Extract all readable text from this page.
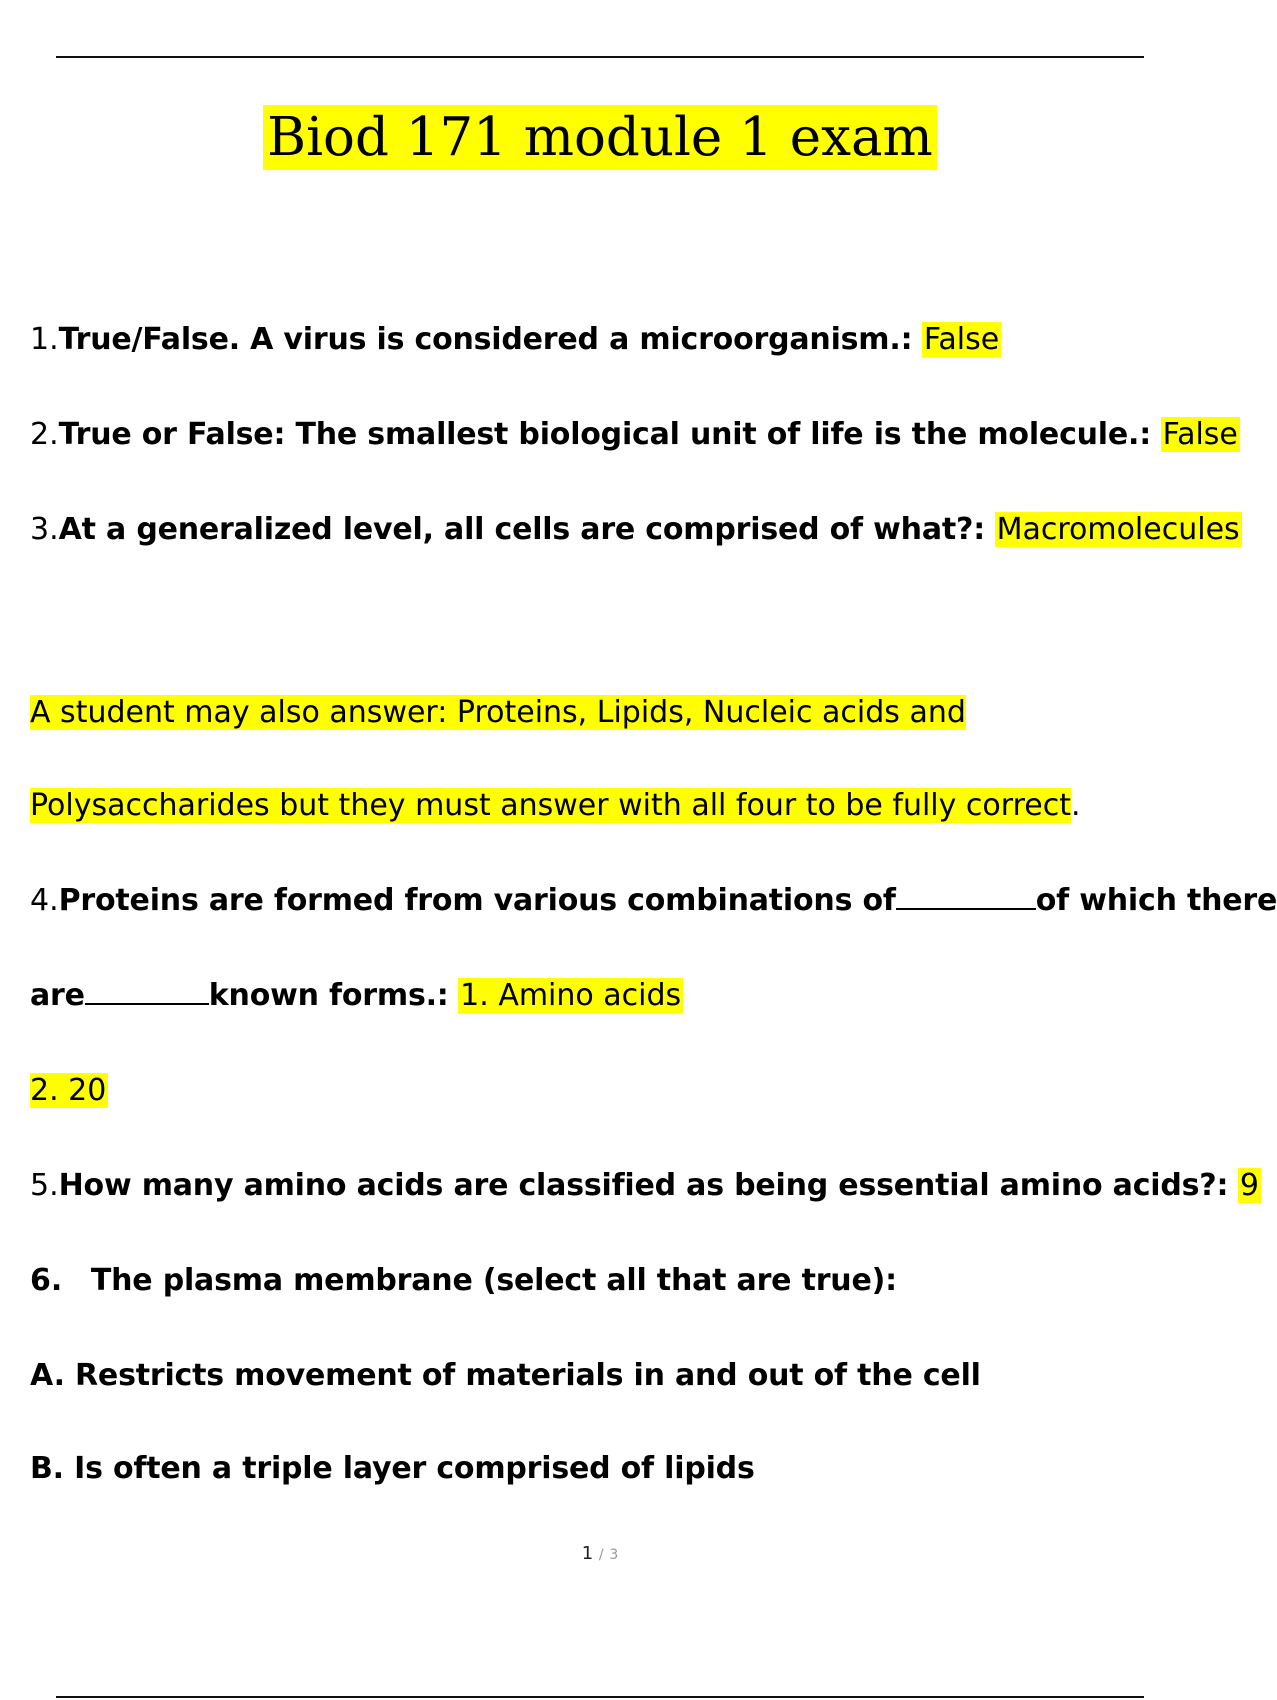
Biod 171 module 1 exam
1.True/False. A virus is considered a microorganism.: False
2.True or False: The smallest biological unit of life is the molecule.: False
3.At a generalized level, all cells are comprised of what?: Macromolecules
A student may also answer: Proteins, Lipids, Nucleic acids and
Polysaccharides but they must answer with all four to be fully correct.
4.Proteins are formed from various combinations of	of which there
are	known forms.: 1. Amino acids
2. 20
5.How many amino acids are classified as being essential amino acids?: 9
6. The plasma membrane (select all that are true):
A. Restricts movement of materials in and out of the cell
B. Is often a triple layer comprised of lipids
1 / 3
